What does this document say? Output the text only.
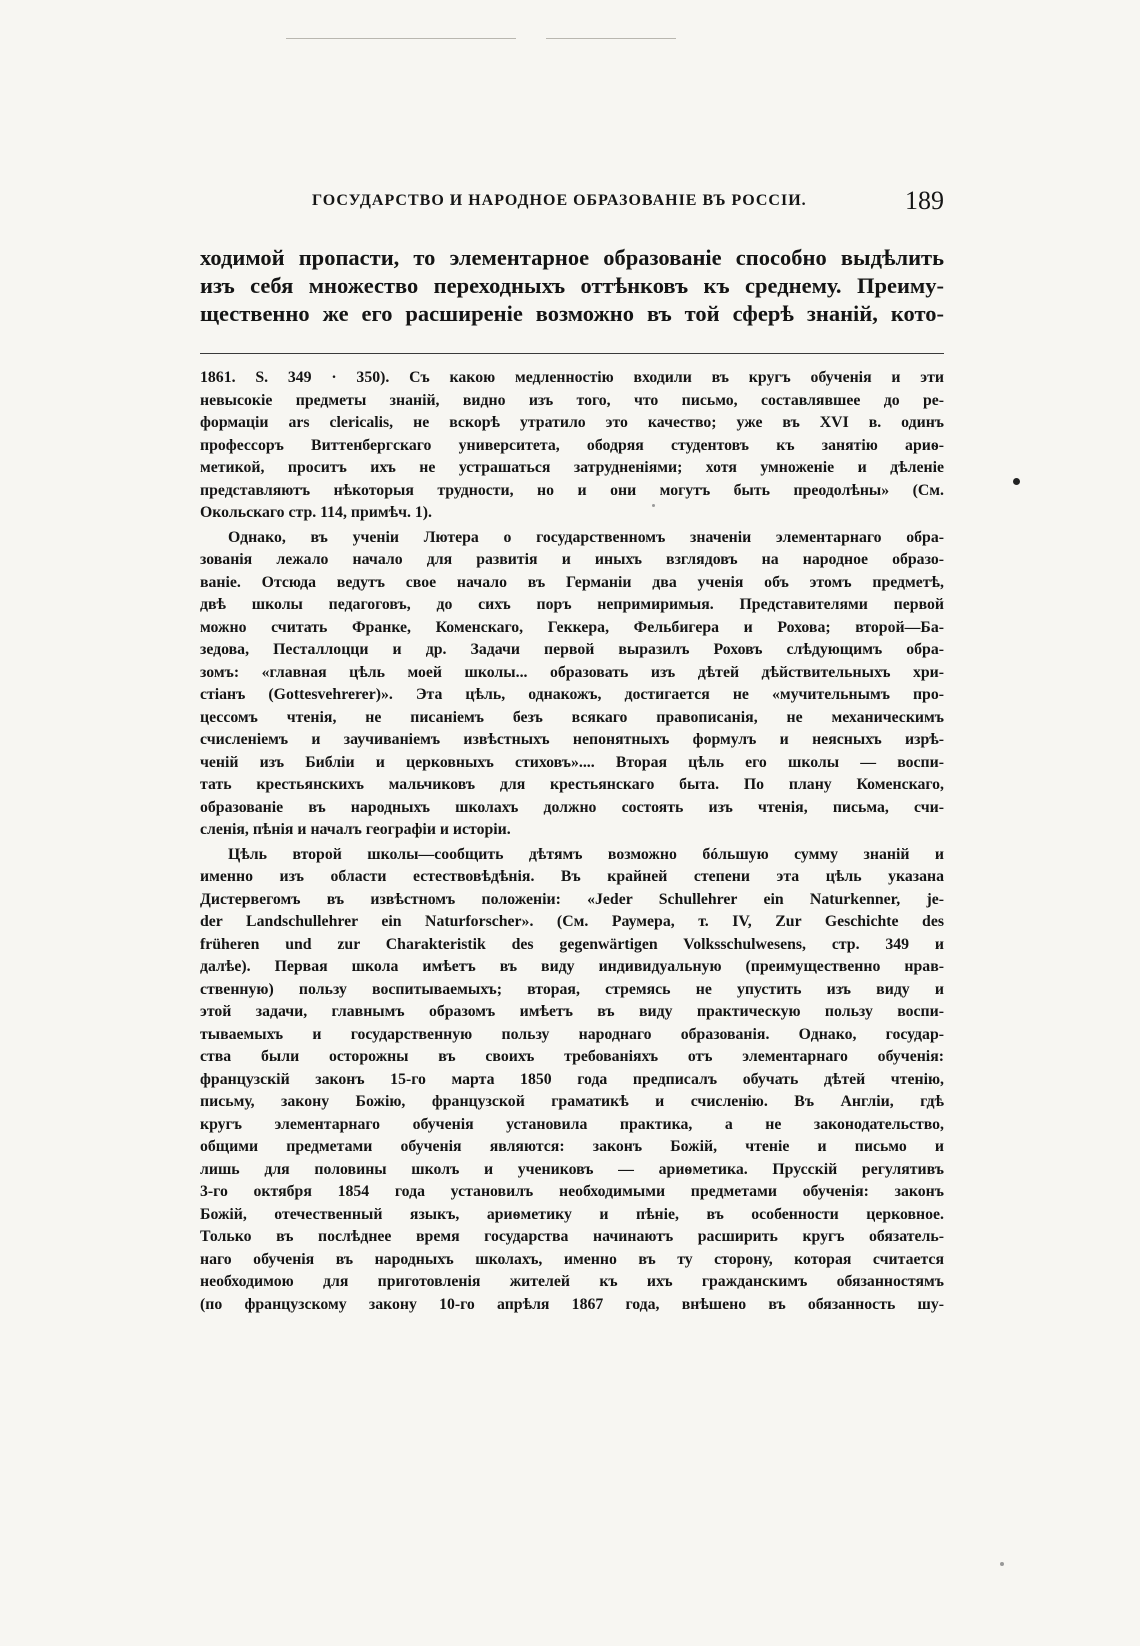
ГОСУДАРСТВО И НАРОДНОЕ ОБРАЗОВАНІЕ ВЪ РОССІИ.	189
ходимой пропасти, то элементарное образованіе способно выдѣлить
изъ себя множество переходныхъ оттѣнковъ къ среднему. Преиму-
щественно же его расширеніе возможно въ той сферѣ знаній, кото-
1861. S. 349 · 350). Съ какою медленностію входили въ кругъ обученія и эти
невысокіе предметы знаній, видно изъ того, что письмо, составлявшее до ре-
формаціи ars clericalis, не вскорѣ утратило это качество; уже въ XVI в. одинъ
профессоръ Виттенбергскаго университета, ободряя студентовъ къ занятію ариѳ-
метикой, проситъ ихъ не устрашаться затрудненіями; хотя умноженіе и дѣленіе
представляютъ нѣкоторыя трудности, но и они могутъ быть преодолѣны» (См.
Окольскаго стр. 114, примѣч. 1).
Однако, въ ученіи Лютера о государственномъ значеніи элементарнаго обра-
зованія лежало начало для развитія и иныхъ взглядовъ на народное образо-
ваніе. Отсюда ведутъ свое начало въ Германіи два ученія объ этомъ предметѣ,
двѣ школы педагоговъ, до сихъ поръ непримиримыя. Представителями первой
можно считать Франке, Коменскаго, Геккера, Фельбигера и Рохова; второй—Ба-
зедова, Песталлоцци и др. Задачи первой выразилъ Роховъ слѣдующимъ обра-
зомъ: «главная цѣль моей школы... образовать изъ дѣтей дѣйствительныхъ хри-
стіанъ (Gottesvehrerer)». Эта цѣль, однакожъ, достигается не «мучительнымъ про-
цессомъ чтенія, не писаніемъ безъ всякаго правописанія, не механическимъ
счисленіемъ и заучиваніемъ извѣстныхъ непонятныхъ формулъ и неясныхъ изрѣ-
ченій изъ Библіи и церковныхъ стиховъ».... Вторая цѣль его школы — воспи-
тать крестьянскихъ мальчиковъ для крестьянскаго быта. По плану Коменскаго,
образованіе въ народныхъ школахъ должно состоять изъ чтенія, письма, счи-
сленія, пѣнія и началъ географіи и исторіи.
Цѣль второй школы—сообщить дѣтямъ возможно бóльшую сумму знаній и
именно изъ области естествовѣдѣнія. Въ крайней степени эта цѣль указана
Дистервегомъ въ извѣстномъ положеніи: «Jeder Schullehrer ein Naturkenner, je-
der Landschullehrer ein Naturforscher». (См. Раумера, т. IV, Zur Geschichte des
früheren und zur Charakteristik des gegenwärtigen Volksschulwesens, стр. 349 и
далѣе). Первая школа имѣетъ въ виду индивидуальную (преимущественно нрав-
ственную) пользу воспитываемыхъ; вторая, стремясь не упустить изъ виду и
этой задачи, главнымъ образомъ имѣетъ въ виду практическую пользу воспи-
тываемыхъ и государственную пользу народнаго образованія. Однако, государ-
ства были осторожны въ своихъ требованіяхъ отъ элементарнаго обученія:
французскій законъ 15-го марта 1850 года предписалъ обучать дѣтей чтенію,
письму, закону Божію, французской граматикѣ и счисленію. Въ Англіи, гдѣ
кругъ элементарнаго обученія установила практика, а не законодательство,
общими предметами обученія являются: законъ Божій, чтеніе и письмо и
лишь для половины школъ и учениковъ — ариѳметика. Прусскій регулятивъ
3-го октября 1854 года установилъ необходимыми предметами обученія: законъ
Божій, отечественный языкъ, ариѳметику и пѣніе, въ особенности церковное.
Только въ послѣднее время государства начинаютъ расширить кругъ обязатель-
наго обученія въ народныхъ школахъ, именно въ ту сторону, которая считается
необходимою для приготовленія жителей къ ихъ гражданскимъ обязанностямъ
(по французскому закону 10-го апрѣля 1867 года, внѣшено въ обязанность шу-
